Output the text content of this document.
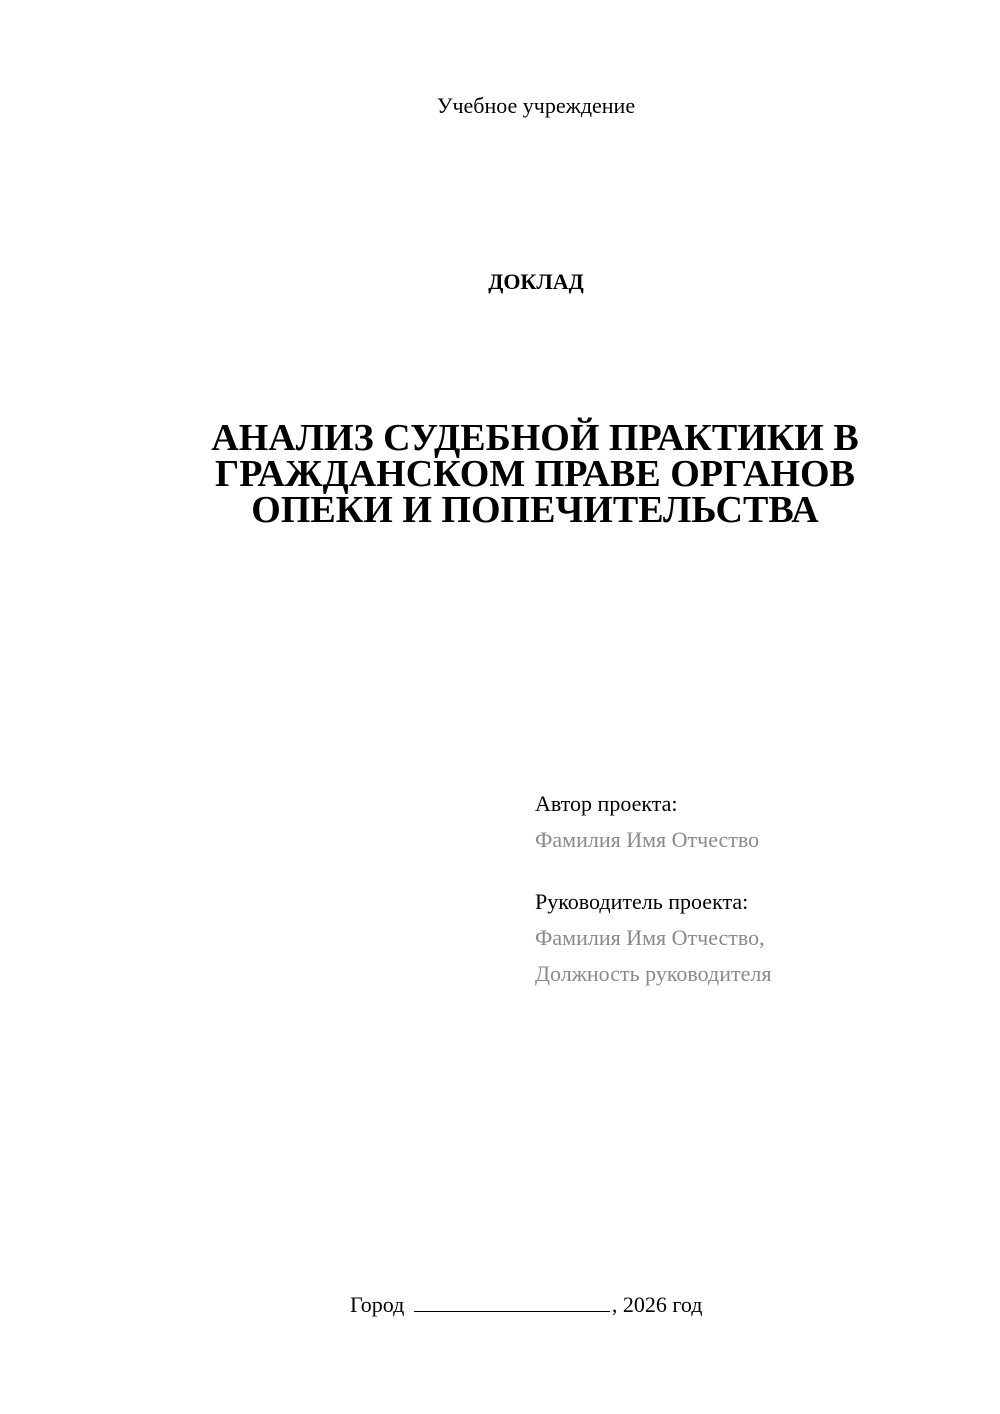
Учебное учреждение
ДОКЛАД
АНАЛИЗ СУДЕБНОЙ ПРАКТИКИ В
ГРАЖДАНСКОМ ПРАВЕ ОРГАНОВ
ОПЕКИ И ПОПЕЧИТЕЛЬСТВА
Автор проекта:
Фамилия Имя Отчество
Руководитель проекта:
Фамилия Имя Отчество,
Должность руководителя
Город	, 2026 год
